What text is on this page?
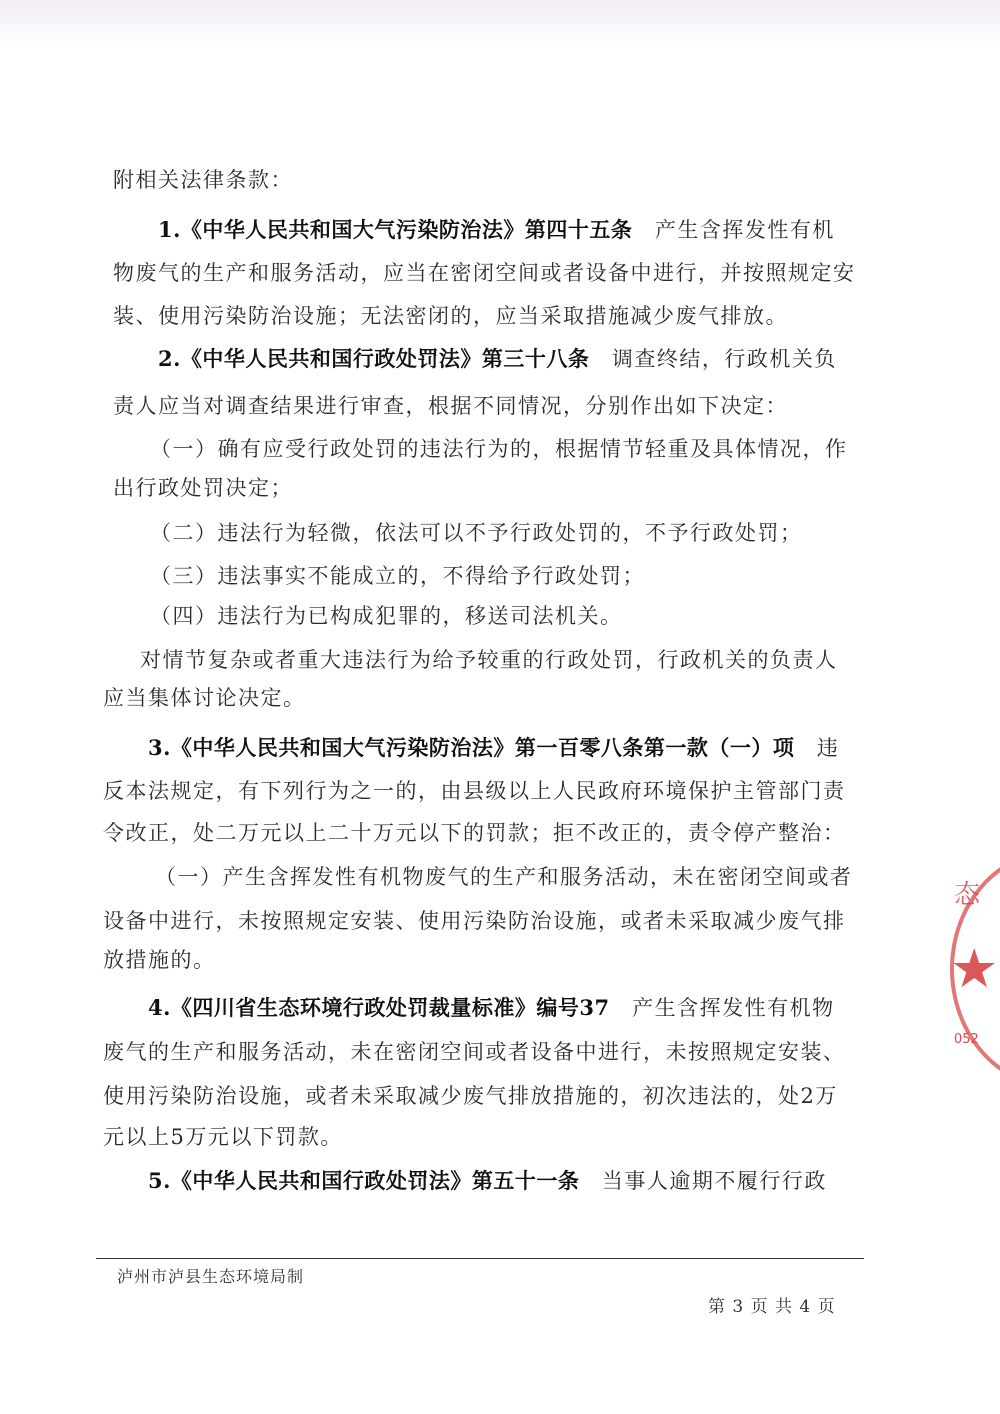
附相关法律条款：
1.《中华人民共和国大气污染防治法》第四十五条　产生含挥发性有机
物废气的生产和服务活动，应当在密闭空间或者设备中进行，并按照规定安
装、使用污染防治设施；无法密闭的，应当采取措施减少废气排放。
2.《中华人民共和国行政处罚法》第三十八条　调查终结，行政机关负
责人应当对调查结果进行审查，根据不同情况，分别作出如下决定：
（一）确有应受行政处罚的违法行为的，根据情节轻重及具体情况，作
出行政处罚决定；
（二）违法行为轻微，依法可以不予行政处罚的，不予行政处罚；
（三）违法事实不能成立的，不得给予行政处罚；
（四）违法行为已构成犯罪的，移送司法机关。
对情节复杂或者重大违法行为给予较重的行政处罚，行政机关的负责人
应当集体讨论决定。
3.《中华人民共和国大气污染防治法》第一百零八条第一款（一）项　违
反本法规定，有下列行为之一的，由县级以上人民政府环境保护主管部门责
令改正，处二万元以上二十万元以下的罚款；拒不改正的，责令停产整治：
（一）产生含挥发性有机物废气的生产和服务活动，未在密闭空间或者
设备中进行，未按照规定安装、使用污染防治设施，或者未采取减少废气排
放措施的。
4.《四川省生态环境行政处罚裁量标准》编号37　产生含挥发性有机物
废气的生产和服务活动，未在密闭空间或者设备中进行，未按照规定安装、
使用污染防治设施，或者未采取减少废气排放措施的，初次违法的，处2万
元以上5万元以下罚款。
5.《中华人民共和国行政处罚法》第五十一条　当事人逾期不履行行政
泸州市泸县生态环境局制
第 3 页 共 4 页
态
★
052
